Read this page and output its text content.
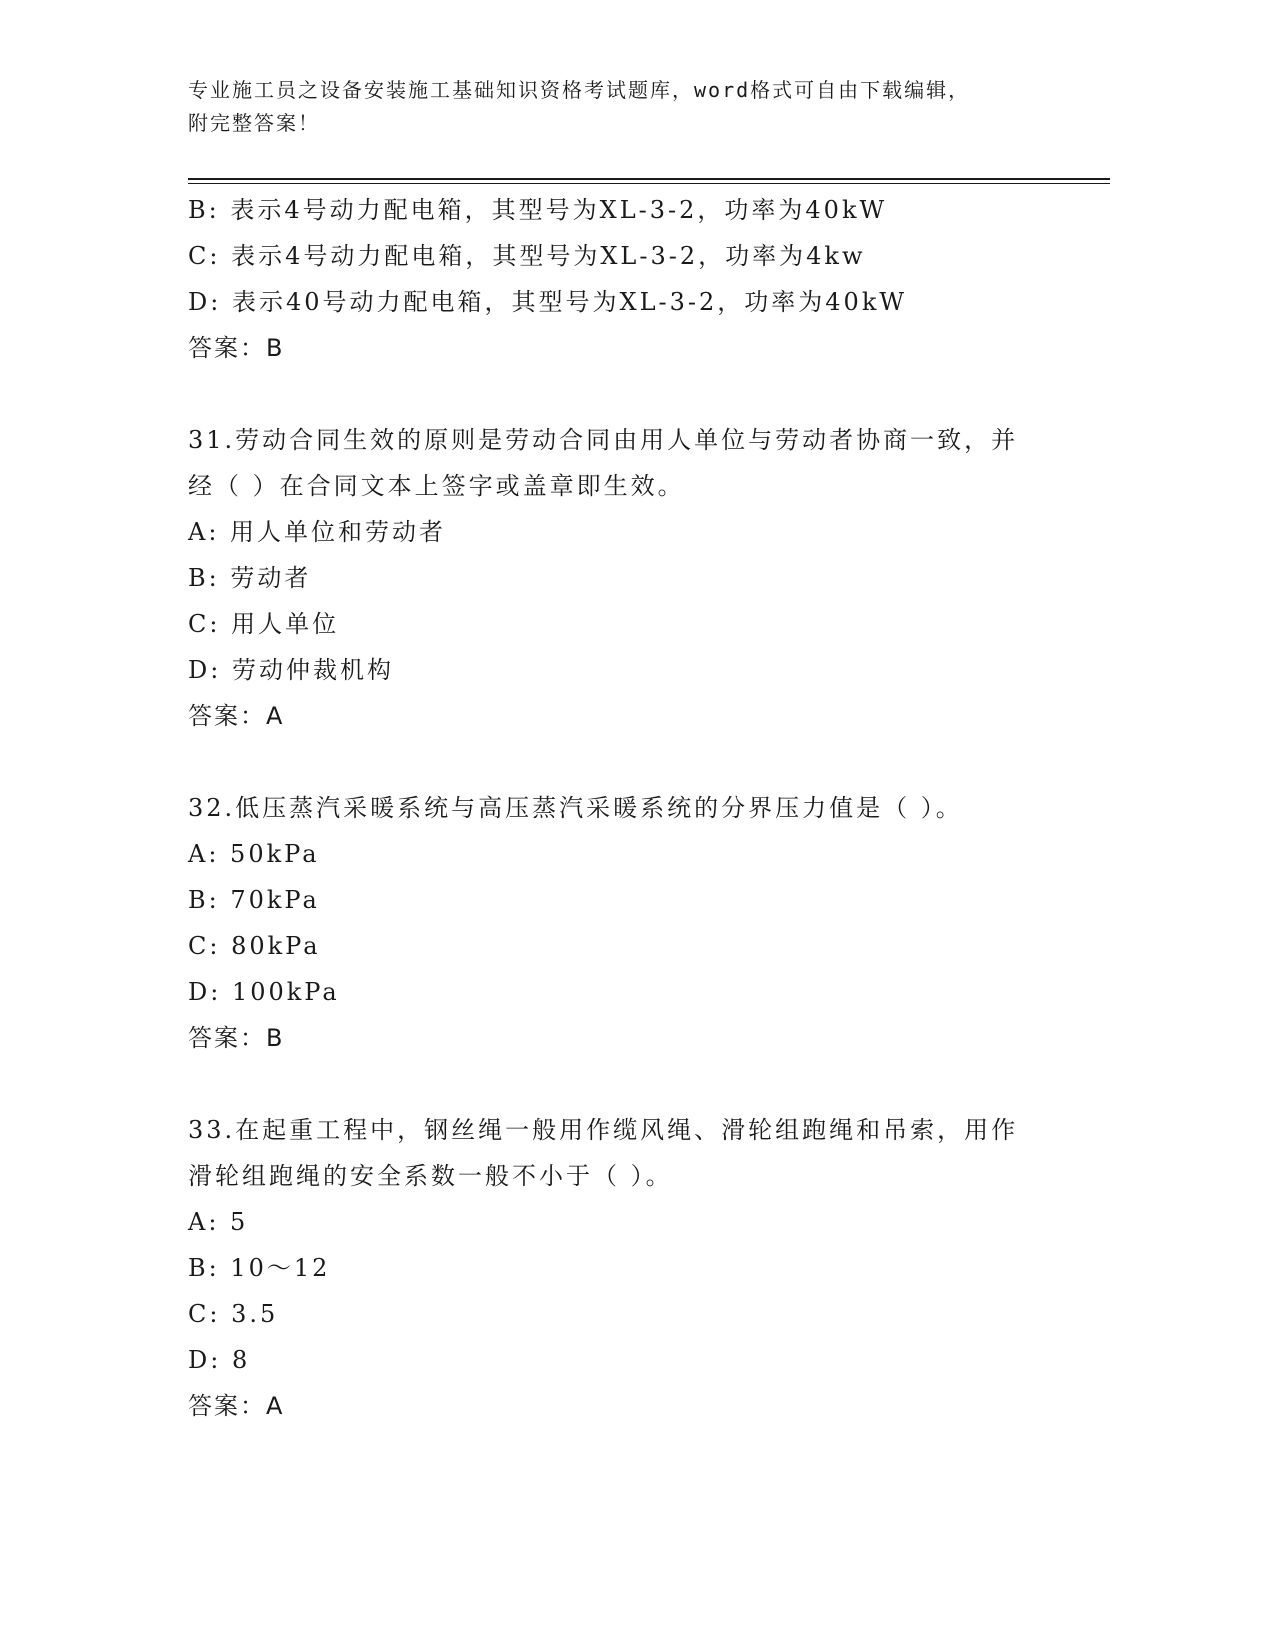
专业施工员之设备安装施工基础知识资格考试题库，word格式可自由下载编辑，
附完整答案！

B: 表示4号动力配电箱，其型号为XL-3-2，功率为40kW
C: 表示4号动力配电箱，其型号为XL-3-2，功率为4kw
D: 表示40号动力配电箱，其型号为XL-3-2，功率为40kW
答案：B
31.劳动合同生效的原则是劳动合同由用人单位与劳动者协商一致，并
经（ ）在合同文本上签字或盖章即生效。
A: 用人单位和劳动者
B: 劳动者
C: 用人单位
D: 劳动仲裁机构
答案：A
32.低压蒸汽采暖系统与高压蒸汽采暖系统的分界压力值是（ ）。
A: 50kPa
B: 70kPa
C: 80kPa
D: 100kPa
答案：B
33.在起重工程中，钢丝绳一般用作缆风绳、滑轮组跑绳和吊索，用作
滑轮组跑绳的安全系数一般不小于（ ）。
A: 5
B: 10～12
C: 3.5
D: 8
答案：A
